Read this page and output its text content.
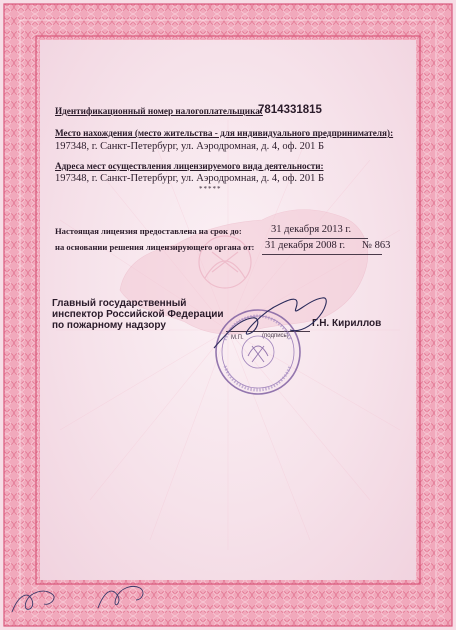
Идентификационный номер налогоплательщика:
7814331815
Место нахождения (место жительства - для индивидуального предпринимателя):
197348, г. Санкт-Петербург, ул. Аэродромная, д. 4, оф. 201 Б
Адреса мест осуществления лицензируемого вида деятельности:
197348, г. Санкт-Петербург, ул. Аэродромная, д. 4, оф. 201 Б
*****
Настоящая лицензия предоставлена на срок до:	31 декабря 2013 г.
на основании решения лицензирующего органа от: 31 декабря 2008 г. № 863
Главный государственный
инспектор Российской Федерации
по пожарному надзору
М.П.	(подпись)
Г.Н. Кириллов
